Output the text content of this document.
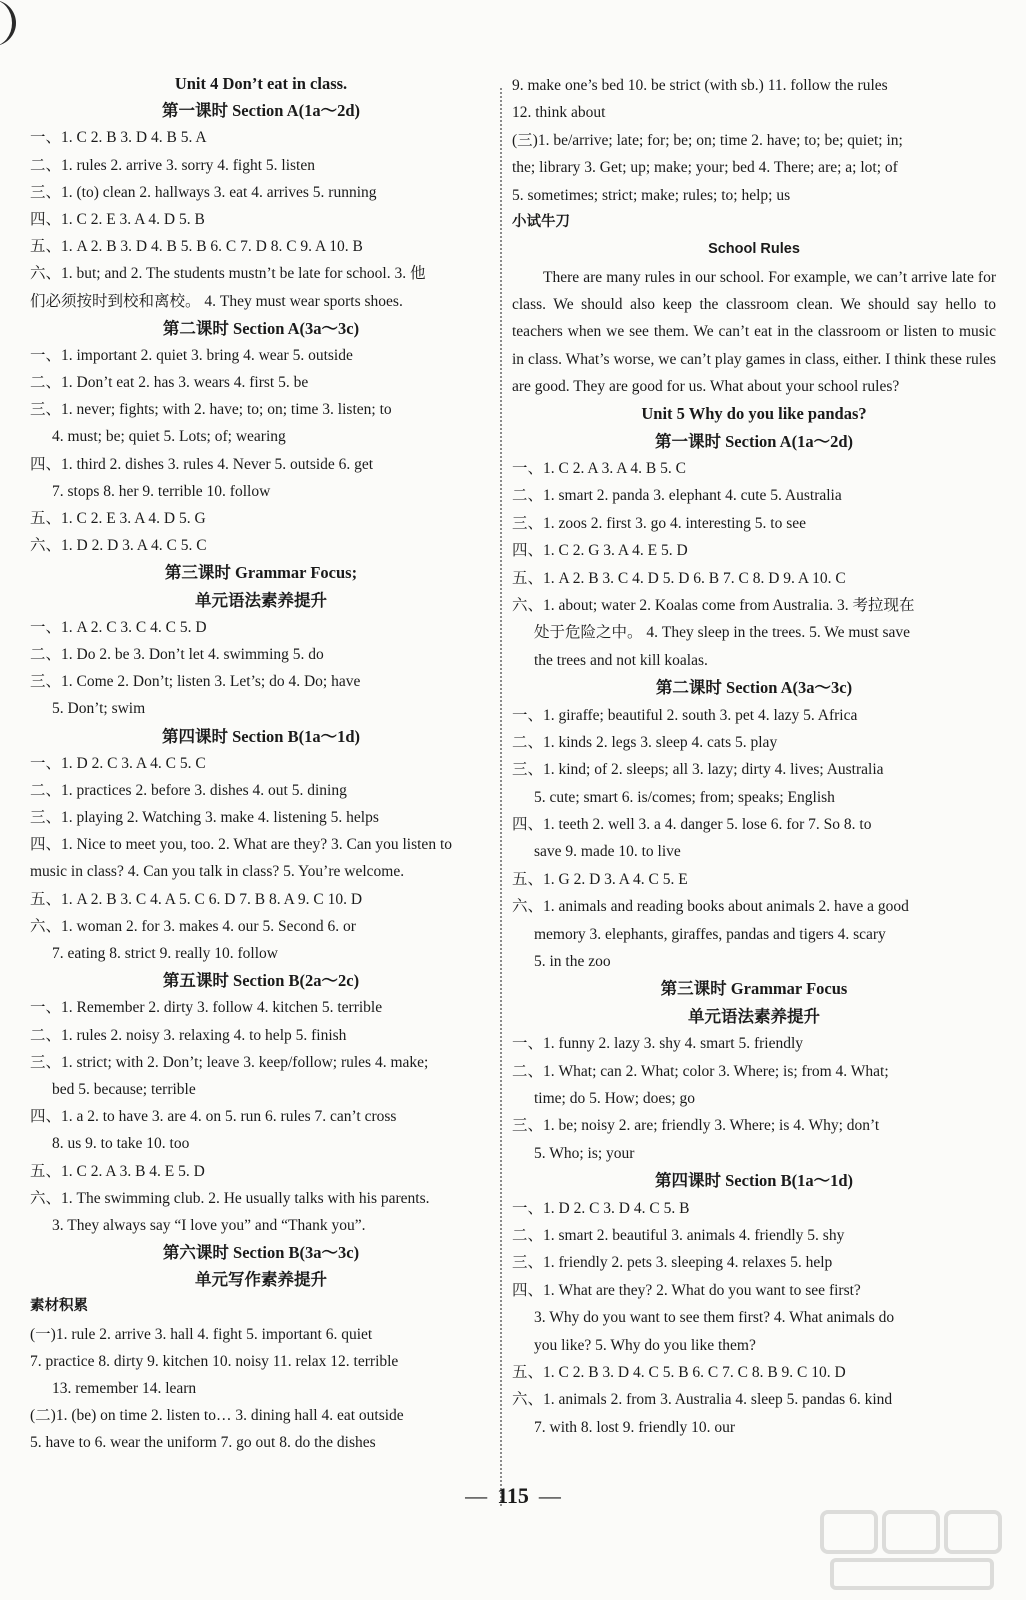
Unit 4 Don’t eat in class.
第一课时 Section A(1a～2d)
一、1. C 2. B 3. D 4. B 5. A
二、1. rules 2. arrive 3. sorry 4. fight 5. listen
三、1. (to) clean 2. hallways 3. eat 4. arrives 5. running
四、1. C 2. E 3. A 4. D 5. B
五、1. A 2. B 3. D 4. B 5. B 6. C 7. D 8. C 9. A 10. B
六、1. but; and 2. The students mustn’t be late for school. 3. 他
们必须按时到校和离校。 4. They must wear sports shoes.
第二课时 Section A(3a～3c)
一、1. important 2. quiet 3. bring 4. wear 5. outside
二、1. Don’t eat 2. has 3. wears 4. first 5. be
三、1. never; fights; with 2. have; to; on; time 3. listen; to
4. must; be; quiet 5. Lots; of; wearing
四、1. third 2. dishes 3. rules 4. Never 5. outside 6. get
7. stops 8. her 9. terrible 10. follow
五、1. C 2. E 3. A 4. D 5. G
六、1. D 2. D 3. A 4. C 5. C
第三课时 Grammar Focus;
单元语法素养提升
一、1. A 2. C 3. C 4. C 5. D
二、1. Do 2. be 3. Don’t let 4. swimming 5. do
三、1. Come 2. Don’t; listen 3. Let’s; do 4. Do; have
5. Don’t; swim
第四课时 Section B(1a～1d)
一、1. D 2. C 3. A 4. C 5. C
二、1. practices 2. before 3. dishes 4. out 5. dining
三、1. playing 2. Watching 3. make 4. listening 5. helps
四、1. Nice to meet you, too. 2. What are they? 3. Can you listen to
music in class? 4. Can you talk in class? 5. You’re welcome.
五、1. A 2. B 3. C 4. A 5. C 6. D 7. B 8. A 9. C 10. D
六、1. woman 2. for 3. makes 4. our 5. Second 6. or
7. eating 8. strict 9. really 10. follow
第五课时 Section B(2a～2c)
一、1. Remember 2. dirty 3. follow 4. kitchen 5. terrible
二、1. rules 2. noisy 3. relaxing 4. to help 5. finish
三、1. strict; with 2. Don’t; leave 3. keep/follow; rules 4. make;
bed 5. because; terrible
四、1. a 2. to have 3. are 4. on 5. run 6. rules 7. can’t cross
8. us 9. to take 10. too
五、1. C 2. A 3. B 4. E 5. D
六、1. The swimming club. 2. He usually talks with his parents.
3. They always say “I love you” and “Thank you”.
第六课时 Section B(3a～3c)
单元写作素养提升
素材积累
(一)1. rule 2. arrive 3. hall 4. fight 5. important 6. quiet
7. practice 8. dirty 9. kitchen 10. noisy 11. relax 12. terrible
13. remember 14. learn
(二)1. (be) on time 2. listen to… 3. dining hall 4. eat outside
5. have to 6. wear the uniform 7. go out 8. do the dishes
9. make one’s bed 10. be strict (with sb.) 11. follow the rules
12. think about
(三)1. be/arrive; late; for; be; on; time 2. have; to; be; quiet; in;
the; library 3. Get; up; make; your; bed 4. There; are; a; lot; of
5. sometimes; strict; make; rules; to; help; us
小试牛刀
School Rules
There are many rules in our school. For example, we can’t arrive late for class. We should also keep the classroom clean. We should say hello to teachers when we see them. We can’t eat in the classroom or listen to music in class. What’s worse, we can’t play games in class, either. I think these rules are good. They are good for us. What about your school rules?
Unit 5 Why do you like pandas?
第一课时 Section A(1a～2d)
一、1. C 2. A 3. A 4. B 5. C
二、1. smart 2. panda 3. elephant 4. cute 5. Australia
三、1. zoos 2. first 3. go 4. interesting 5. to see
四、1. C 2. G 3. A 4. E 5. D
五、1. A 2. B 3. C 4. D 5. D 6. B 7. C 8. D 9. A 10. C
六、1. about; water 2. Koalas come from Australia. 3. 考拉现在
处于危险之中。 4. They sleep in the trees. 5. We must save
the trees and not kill koalas.
第二课时 Section A(3a～3c)
一、1. giraffe; beautiful 2. south 3. pet 4. lazy 5. Africa
二、1. kinds 2. legs 3. sleep 4. cats 5. play
三、1. kind; of 2. sleeps; all 3. lazy; dirty 4. lives; Australia
5. cute; smart 6. is/comes; from; speaks; English
四、1. teeth 2. well 3. a 4. danger 5. lose 6. for 7. So 8. to
save 9. made 10. to live
五、1. G 2. D 3. A 4. C 5. E
六、1. animals and reading books about animals 2. have a good
memory 3. elephants, giraffes, pandas and tigers 4. scary
5. in the zoo
第三课时 Grammar Focus
单元语法素养提升
一、1. funny 2. lazy 3. shy 4. smart 5. friendly
二、1. What; can 2. What; color 3. Where; is; from 4. What;
time; do 5. How; does; go
三、1. be; noisy 2. are; friendly 3. Where; is 4. Why; don’t
5. Who; is; your
第四课时 Section B(1a～1d)
一、1. D 2. C 3. D 4. C 5. B
二、1. smart 2. beautiful 3. animals 4. friendly 5. shy
三、1. friendly 2. pets 3. sleeping 4. relaxes 5. help
四、1. What are they? 2. What do you want to see first?
3. Why do you want to see them first? 4. What animals do
you like? 5. Why do you like them?
五、1. C 2. B 3. D 4. C 5. B 6. C 7. C 8. B 9. C 10. D
六、1. animals 2. from 3. Australia 4. sleep 5. pandas 6. kind
7. with 8. lost 9. friendly 10. our
— 115 —
